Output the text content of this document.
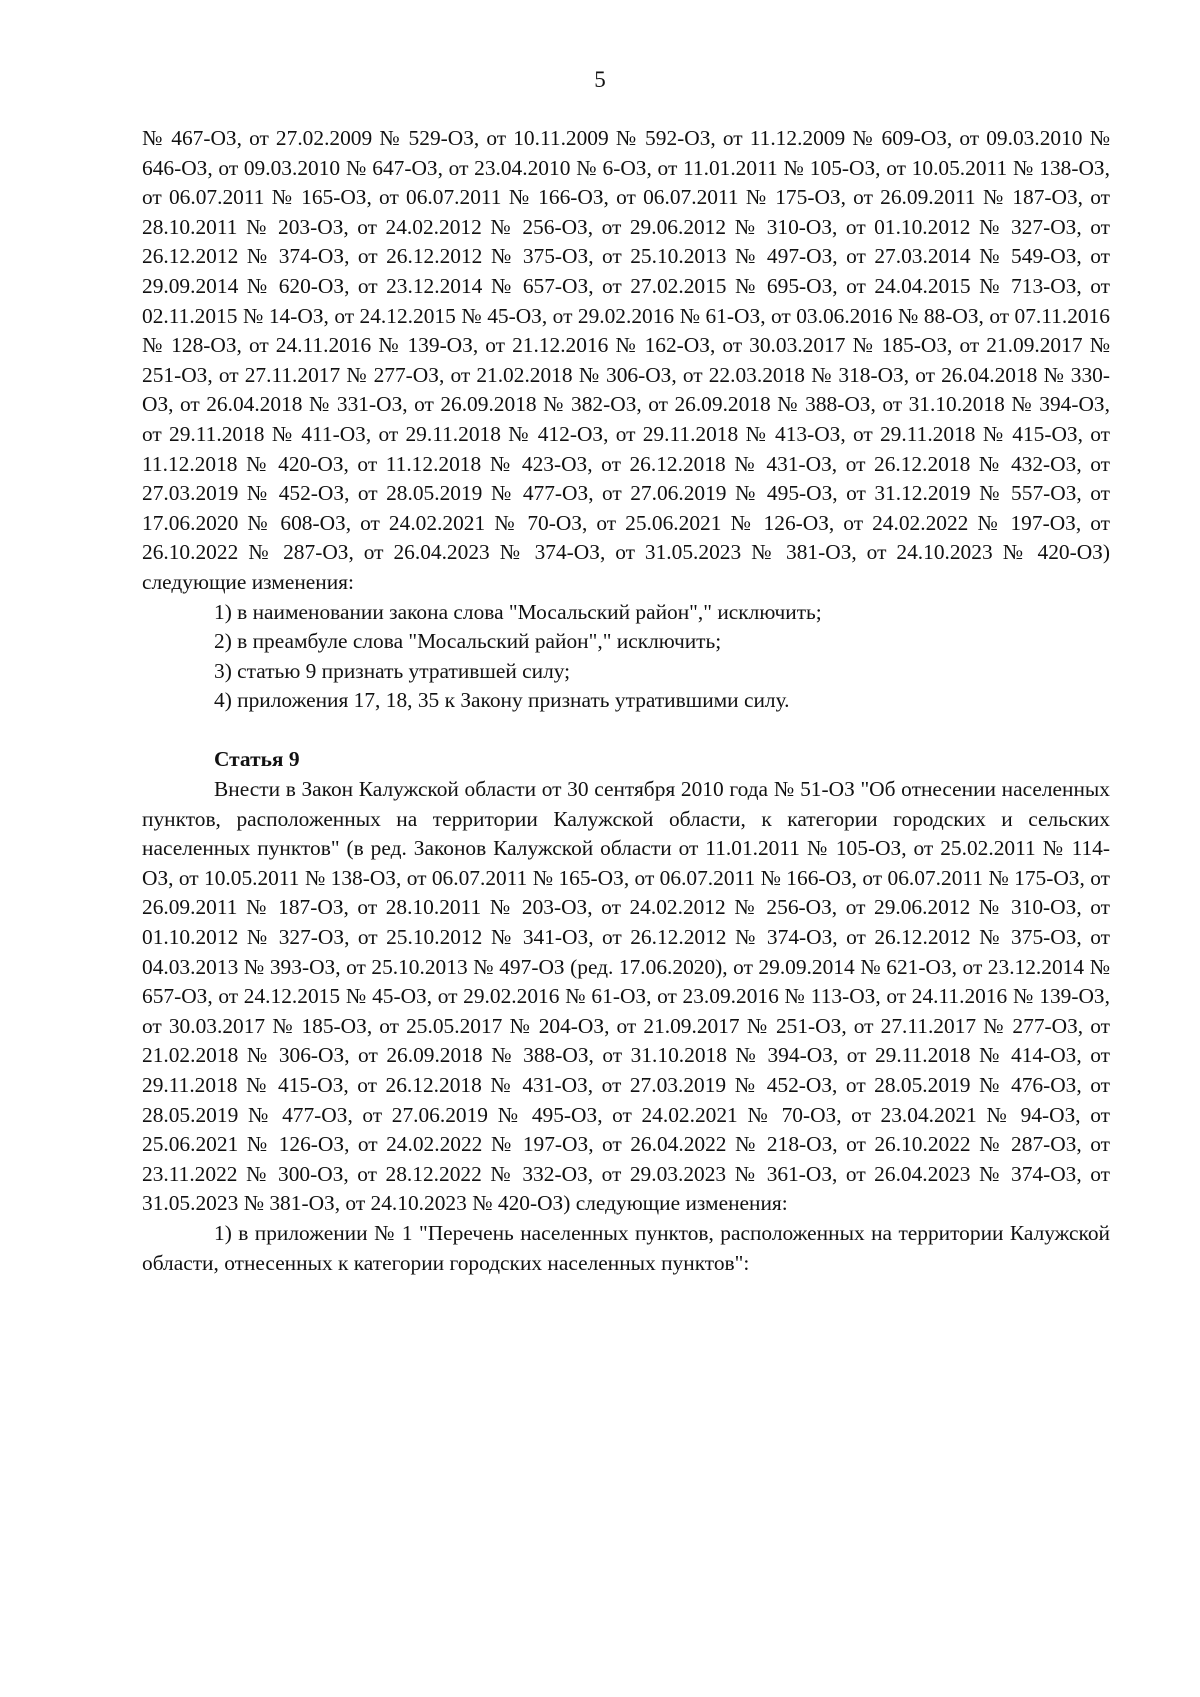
5

№ 467-ОЗ, от 27.02.2009 № 529-ОЗ, от 10.11.2009 № 592-ОЗ, от 11.12.2009 № 609-ОЗ, от 09.03.2010 № 646-ОЗ, от 09.03.2010 № 647-ОЗ, от 23.04.2010 № 6-ОЗ, от 11.01.2011 № 105-ОЗ, от 10.05.2011 № 138-ОЗ, от 06.07.2011 № 165-ОЗ, от 06.07.2011 № 166-ОЗ, от 06.07.2011 № 175-ОЗ, от 26.09.2011 № 187-ОЗ, от 28.10.2011 № 203-ОЗ, от 24.02.2012 № 256-ОЗ, от 29.06.2012 № 310-ОЗ, от 01.10.2012 № 327-ОЗ, от 26.12.2012 № 374-ОЗ, от 26.12.2012 № 375-ОЗ, от 25.10.2013 № 497-ОЗ, от 27.03.2014 № 549-ОЗ, от 29.09.2014 № 620-ОЗ, от 23.12.2014 № 657-ОЗ, от 27.02.2015 № 695-ОЗ, от 24.04.2015 № 713-ОЗ, от 02.11.2015 № 14-ОЗ, от 24.12.2015 № 45-ОЗ, от 29.02.2016 № 61-ОЗ, от 03.06.2016 № 88-ОЗ, от 07.11.2016 № 128-ОЗ, от 24.11.2016 № 139-ОЗ, от 21.12.2016 № 162-ОЗ, от 30.03.2017 № 185-ОЗ, от 21.09.2017 № 251-ОЗ, от 27.11.2017 № 277-ОЗ, от 21.02.2018 № 306-ОЗ, от 22.03.2018 № 318-ОЗ, от 26.04.2018 № 330-ОЗ, от 26.04.2018 № 331-ОЗ, от 26.09.2018 № 382-ОЗ, от 26.09.2018 № 388-ОЗ, от 31.10.2018 № 394-ОЗ, от 29.11.2018 № 411-ОЗ, от 29.11.2018 № 412-ОЗ, от 29.11.2018 № 413-ОЗ, от 29.11.2018 № 415-ОЗ, от 11.12.2018 № 420-ОЗ, от 11.12.2018 № 423-ОЗ, от 26.12.2018 № 431-ОЗ, от 26.12.2018 № 432-ОЗ, от 27.03.2019 № 452-ОЗ, от 28.05.2019 № 477-ОЗ, от 27.06.2019 № 495-ОЗ, от 31.12.2019 № 557-ОЗ, от 17.06.2020 № 608-ОЗ, от 24.02.2021 № 70-ОЗ, от 25.06.2021 № 126-ОЗ, от 24.02.2022 № 197-ОЗ, от 26.10.2022 № 287-ОЗ, от 26.04.2023 № 374-ОЗ, от 31.05.2023 № 381-ОЗ, от 24.10.2023 № 420-ОЗ) следующие изменения:

1) в наименовании закона слова "Мосальский район"," исключить;

2) в преамбуле слова "Мосальский район"," исключить;

3) статью 9 признать утратившей силу;

4) приложения 17, 18, 35 к Закону признать утратившими силу.

Статья 9

Внести в Закон Калужской области от 30 сентября 2010 года № 51-ОЗ "Об отнесении населенных пунктов, расположенных на территории Калужской области, к категории городских и сельских населенных пунктов" (в ред. Законов Калужской области от 11.01.2011 № 105-ОЗ, от 25.02.2011 № 114-ОЗ, от 10.05.2011 № 138-ОЗ, от 06.07.2011 № 165-ОЗ, от 06.07.2011 № 166-ОЗ, от 06.07.2011 № 175-ОЗ, от 26.09.2011 № 187-ОЗ, от 28.10.2011 № 203-ОЗ, от 24.02.2012 № 256-ОЗ, от 29.06.2012 № 310-ОЗ, от 01.10.2012 № 327-ОЗ, от 25.10.2012 № 341-ОЗ, от 26.12.2012 № 374-ОЗ, от 26.12.2012 № 375-ОЗ, от 04.03.2013 № 393-ОЗ, от 25.10.2013 № 497-ОЗ (ред. 17.06.2020), от 29.09.2014 № 621-ОЗ, от 23.12.2014 № 657-ОЗ, от 24.12.2015 № 45-ОЗ, от 29.02.2016 № 61-ОЗ, от 23.09.2016 № 113-ОЗ, от 24.11.2016 № 139-ОЗ, от 30.03.2017 № 185-ОЗ, от 25.05.2017 № 204-ОЗ, от 21.09.2017 № 251-ОЗ, от 27.11.2017 № 277-ОЗ, от 21.02.2018 № 306-ОЗ, от 26.09.2018 № 388-ОЗ, от 31.10.2018 № 394-ОЗ, от 29.11.2018 № 414-ОЗ, от 29.11.2018 № 415-ОЗ, от 26.12.2018 № 431-ОЗ, от 27.03.2019 № 452-ОЗ, от 28.05.2019 № 476-ОЗ, от 28.05.2019 № 477-ОЗ, от 27.06.2019 № 495-ОЗ, от 24.02.2021 № 70-ОЗ, от 23.04.2021 № 94-ОЗ, от 25.06.2021 № 126-ОЗ, от 24.02.2022 № 197-ОЗ, от 26.04.2022 № 218-ОЗ, от 26.10.2022 № 287-ОЗ, от 23.11.2022 № 300-ОЗ, от 28.12.2022 № 332-ОЗ, от 29.03.2023 № 361-ОЗ, от 26.04.2023 № 374-ОЗ, от 31.05.2023 № 381-ОЗ, от 24.10.2023 № 420-ОЗ) следующие изменения:

1) в приложении № 1 "Перечень населенных пунктов, расположенных на территории Калужской области, отнесенных к категории городских населенных пунктов":
